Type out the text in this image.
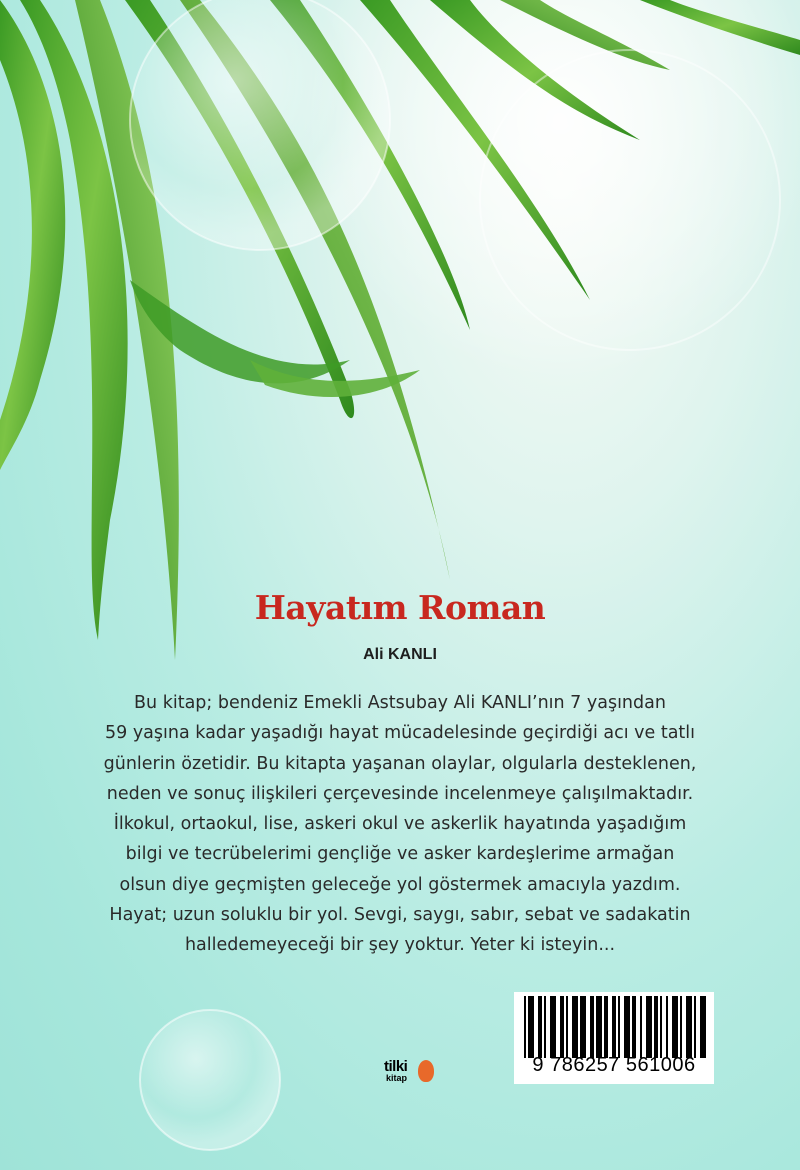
Hayatım Roman
Ali KANLI
Bu kitap; bendeniz Emekli Astsubay Ali KANLI’nın 7 yaşından
59 yaşına kadar yaşadığı hayat mücadelesinde geçirdiği acı ve tatlı
günlerin özetidir. Bu kitapta yaşanan olaylar, olgularla desteklenen,
neden ve sonuç ilişkileri çerçevesinde incelenmeye çalışılmaktadır.
İlkokul, ortaokul, lise, askeri okul ve askerlik hayatında yaşadığım
bilgi ve tecrübelerimi gençliğe ve asker kardeşlerime armağan
olsun diye geçmişten geleceğe yol göstermek amacıyla yazdım.
Hayat; uzun soluklu bir yol. Sevgi, saygı, sabır, sebat ve sadakatin
halledemeyeceği bir şey yoktur. Yeter ki isteyin...
tilki
kitap
9 786257 561006
